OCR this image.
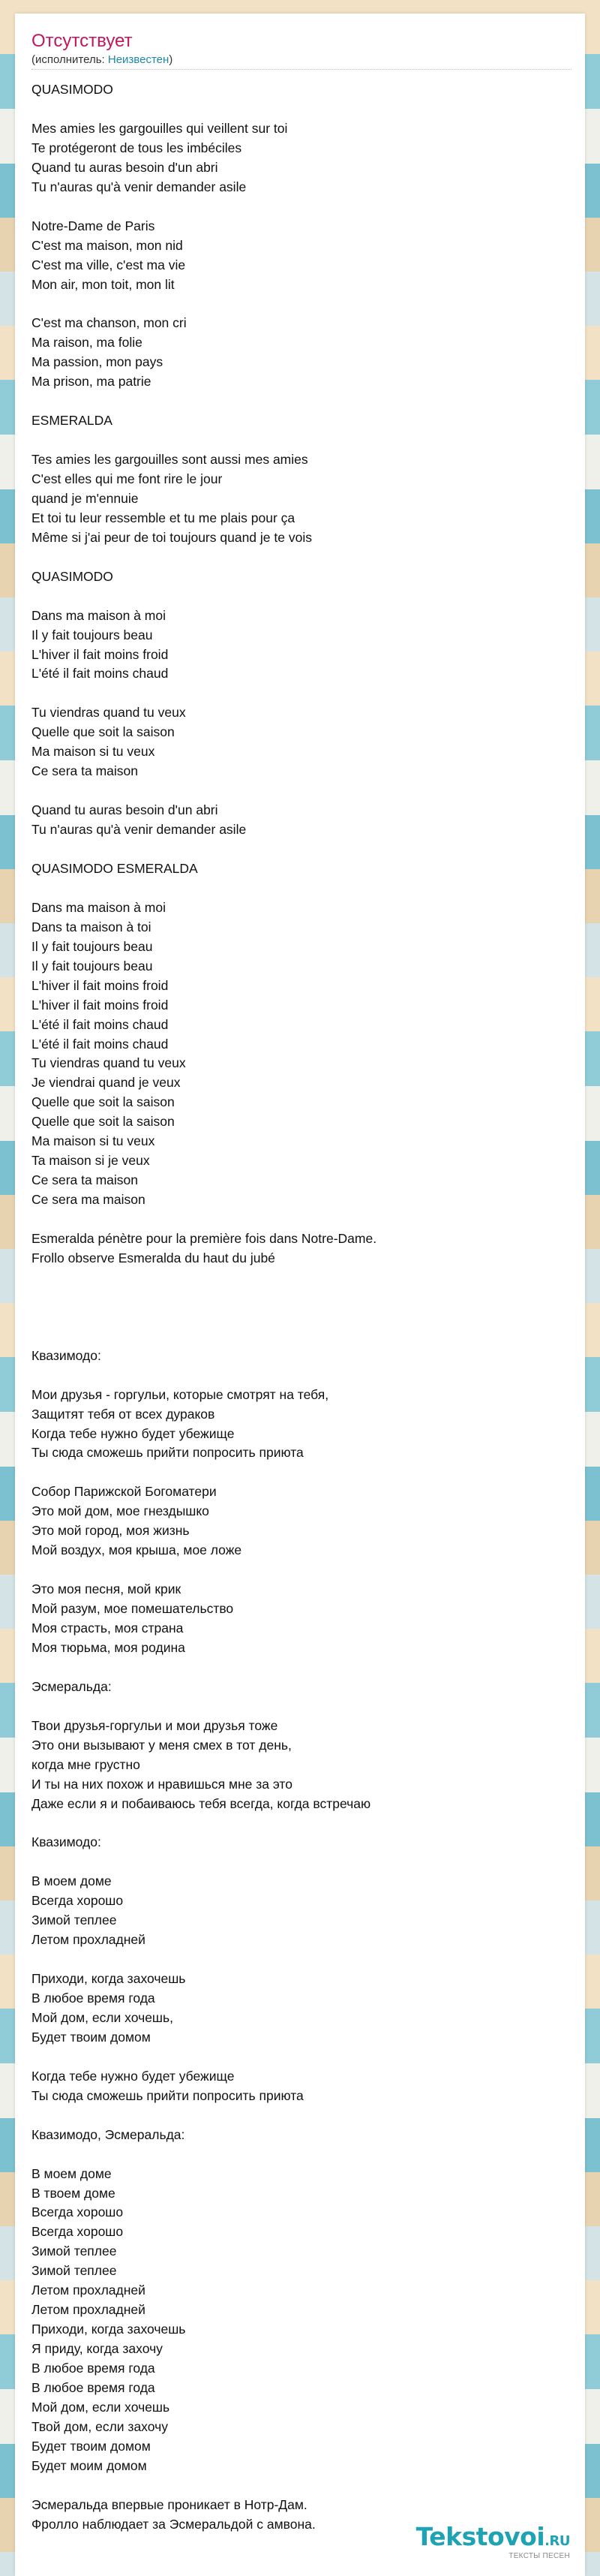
Отсутствует
(исполнитель: Неизвестен)
QUASIMODO
Mes amies les gargouilles qui veillent sur toi
Te protégeront de tous les imbéciles
Quand tu auras besoin d'un abri
Tu n'auras qu'à venir demander asile
Notre-Dame de Paris
C'est ma maison, mon nid
C'est ma ville, c'est ma vie
Mon air, mon toit, mon lit
C'est ma chanson, mon cri
Ma raison, ma folie
Ma passion, mon pays
Ma prison, ma patrie
ESMERALDA
Tes amies les gargouilles sont aussi mes amies
C'est elles qui me font rire le jour
quand je m'ennuie
Et toi tu leur ressemble et tu me plais pour ça
Même si j'ai peur de toi toujours quand je te vois
QUASIMODO
Dans ma maison à moi
Il y fait toujours beau
L'hiver il fait moins froid
L'été il fait moins chaud
Tu viendras quand tu veux
Quelle que soit la saison
Ma maison si tu veux
Ce sera ta maison
Quand tu auras besoin d'un abri
Tu n'auras qu'à venir demander asile
QUASIMODO ESMERALDA
Dans ma maison à moi
Dans ta maison à toi
Il y fait toujours beau
Il y fait toujours beau
L'hiver il fait moins froid
L'hiver il fait moins froid
L'été il fait moins chaud
L'été il fait moins chaud
Tu viendras quand tu veux
Je viendrai quand je veux
Quelle que soit la saison
Quelle que soit la saison
Ma maison si tu veux
Ta maison si je veux
Ce sera ta maison
Ce sera ma maison
Esmeralda pénètre pour la première fois dans Notre-Dame.
Frollo observe Esmeralda du haut du jubé
Квазимодо:
Мои друзья - горгульи, которые смотрят на тебя,
Защитят тебя от всех дураков
Когда тебе нужно будет убежище
Ты сюда сможешь прийти попросить приюта
Собор Парижской Богоматери
Это мой дом, мое гнездышко
Это мой город, моя жизнь
Мой воздух, моя крыша, мое ложе
Это моя песня, мой крик
Мой разум, мое помешательство
Моя страсть, моя страна
Моя тюрьма, моя родина
Эсмеральда:
Твои друзья-горгульи и мои друзья тоже
Это они вызывают у меня смех в тот день,
когда мне грустно
И ты на них похож и нравишься мне за это
Даже если я и побаиваюсь тебя всегда, когда встречаю
Квазимодо:
В моем доме
Всегда хорошо
Зимой теплее
Летом прохладней
Приходи, когда захочешь
В любое время года
Мой дом, если хочешь,
Будет твоим домом
Когда тебе нужно будет убежище
Ты сюда сможешь прийти попросить приюта
Квазимодо, Эсмеральда:
В моем доме
В твоем доме
Всегда хорошо
Всегда хорошо
Зимой теплее
Зимой теплее
Летом прохладней
Летом прохладней
Приходи, когда захочешь
Я приду, когда захочу
В любое время года
В любое время года
Мой дом, если хочешь
Твой дом, если захочу
Будет твоим домом
Будет моим домом
Эсмеральда впервые проникает в Нотр-Дам.
Фролло наблюдает за Эсмеральдой с амвона.	Tekstovoi.RU
ТЕКСТЫ ПЕСЕН
